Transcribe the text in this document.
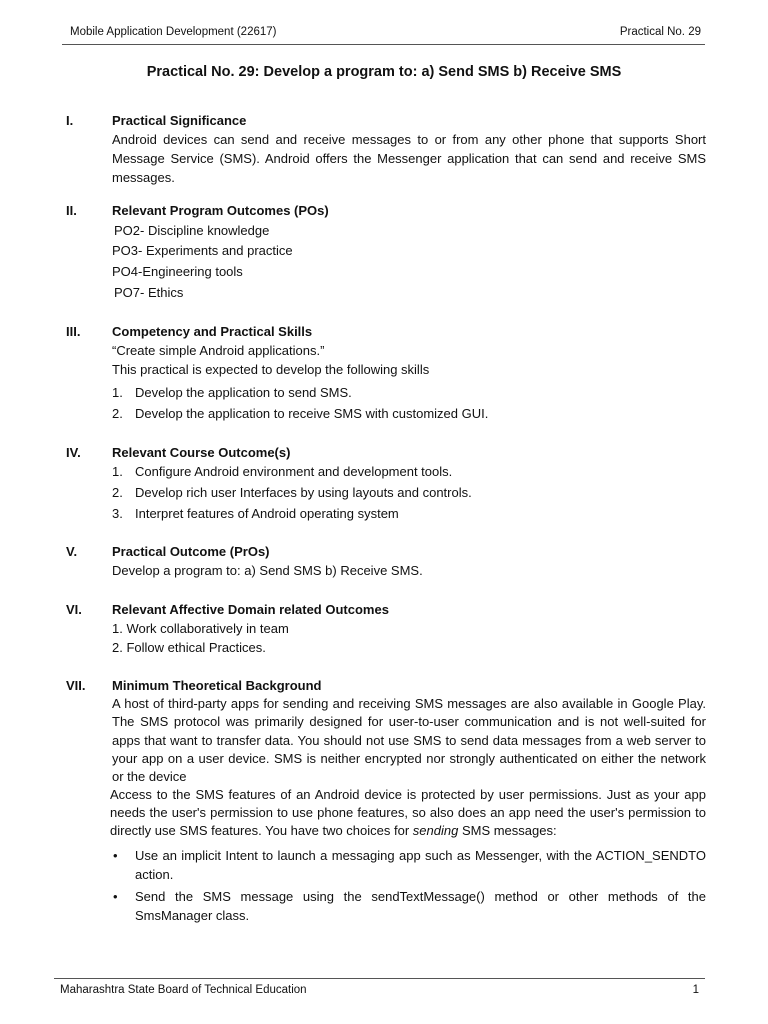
Mobile Application Development (22617)	Practical No. 29
Practical No. 29: Develop a program to: a) Send SMS b) Receive SMS
I.	Practical Significance
Android devices can send and receive messages to or from any other phone that supports Short Message Service (SMS). Android offers the Messenger application that can send and receive SMS messages.
II.	Relevant Program Outcomes (POs)
PO2- Discipline knowledge
PO3- Experiments and practice
PO4-Engineering tools
PO7- Ethics
III. Competency and Practical Skills
“Create simple Android applications.”
This practical is expected to develop the following skills
1. Develop the application to send SMS.
2. Develop the application to receive SMS with customized GUI.
IV. Relevant Course Outcome(s)
1. Configure Android environment and development tools.
2. Develop rich user Interfaces by using layouts and controls.
3. Interpret features of Android operating system
V.	Practical Outcome (PrOs)
Develop a program to: a) Send SMS b) Receive SMS.
VI. Relevant Affective Domain related Outcomes
1. Work collaboratively in team
2. Follow ethical Practices.
VII. Minimum Theoretical Background
A host of third-party apps for sending and receiving SMS messages are also available in Google Play. The SMS protocol was primarily designed for user-to-user communication and is not well-suited for apps that want to transfer data. You should not use SMS to send data messages from a web server to your app on a user device. SMS is neither encrypted nor strongly authenticated on either the network or the device
Access to the SMS features of an Android device is protected by user permissions. Just as your app needs the user's permission to use phone features, so also does an app need the user's permission to directly use SMS features. You have two choices for sending SMS messages:
• Use an implicit Intent to launch a messaging app such as Messenger, with the ACTION_SENDTO action.
• Send the SMS message using the sendTextMessage() method or other methods of the SmsManager class.
Maharashtra State Board of Technical Education	1
